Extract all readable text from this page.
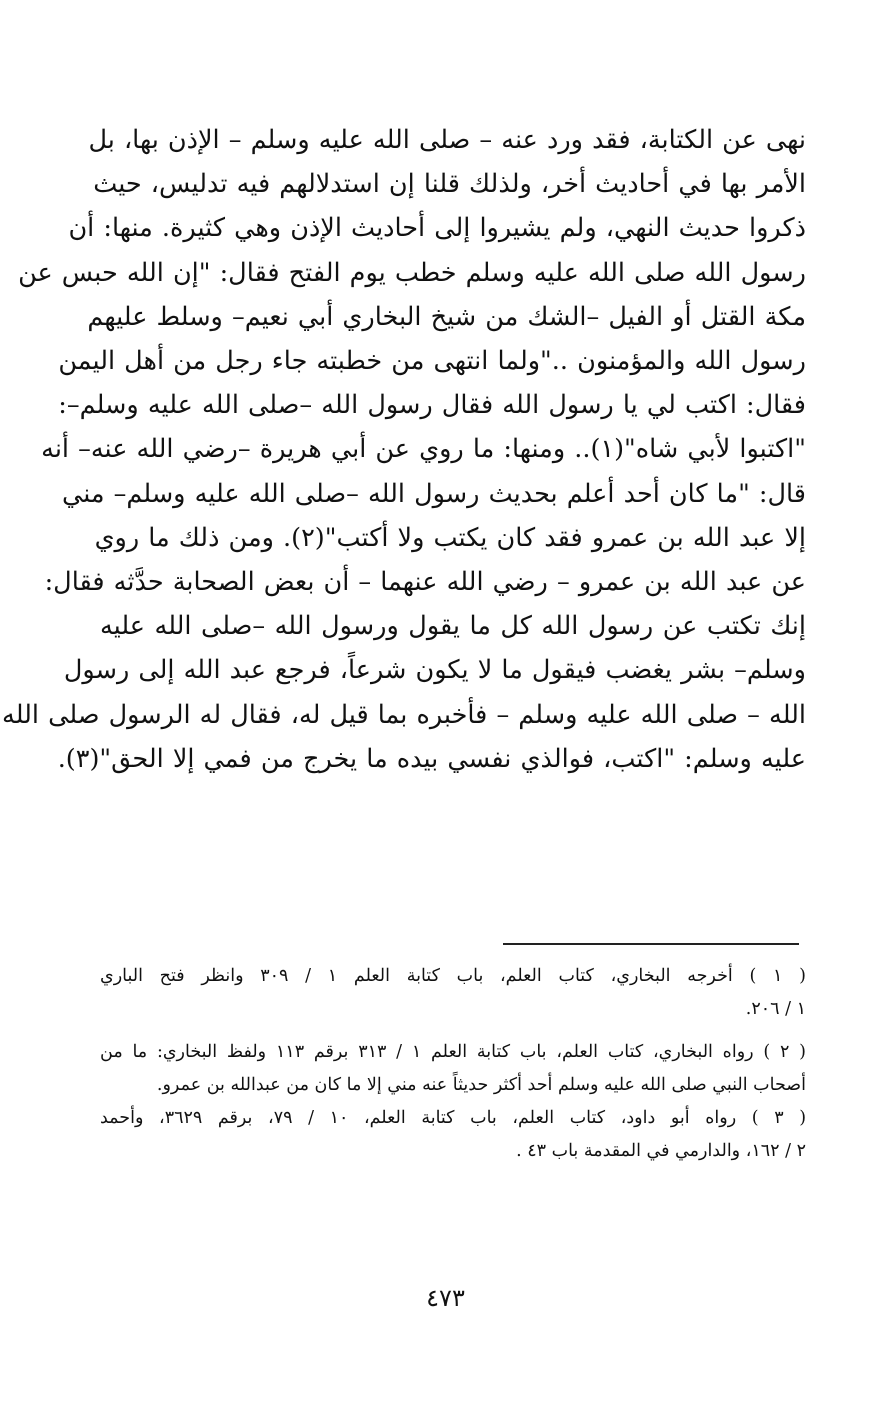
نهى عن الكتابة، فقد ورد عنه – صلى الله عليه وسلم – الإذن بها، بل
الأمر بها في أحاديث أخر، ولذلك قلنا إن استدلالهم فيه تدليس، حيث
ذكروا حديث النهي، ولم يشيروا إلى أحاديث الإذن وهي كثيرة. منها: أن
رسول الله صلى الله عليه وسلم خطب يوم الفتح فقال: "إن الله حبس عن
مكة القتل أو الفيل –الشك من شيخ البخاري أبي نعيم– وسلط عليهم
رسول الله والمؤمنون .."ولما انتهى من خطبته جاء رجل من أهل اليمن
فقال: اكتب لي يا رسول الله فقال رسول الله –صلى الله عليه وسلم–:
"اكتبوا لأبي شاه"(١).. ومنها: ما روي عن أبي هريرة –رضي الله عنه– أنه
قال: "ما كان أحد أعلم بحديث رسول الله –صلى الله عليه وسلم– مني
إلا عبد الله بن عمرو فقد كان يكتب ولا أكتب"(٢). ومن ذلك ما روي
عن عبد الله بن عمرو – رضي الله عنهما – أن بعض الصحابة حدَّثه فقال:
إنك تكتب عن رسول الله كل ما يقول ورسول الله –صلى الله عليه
وسلم– بشر يغضب فيقول ما لا يكون شرعاً، فرجع عبد الله إلى رسول
الله – صلى الله عليه وسلم – فأخبره بما قيل له، فقال له الرسول صلى الله
عليه وسلم: "اكتب، فوالذي نفسي بيده ما يخرج من فمي إلا الحق"(٣).
( ١ ) أخرجه البخاري، كتاب العلم، باب كتابة العلم ١ / ٣٠٩ وانظر فتح الباري
١ / ٢٠٦.
( ٢ ) رواه البخاري، كتاب العلم، باب كتابة العلم ١ / ٣١٣ برقم ١١٣ ولفظ البخاري: ما من
أصحاب النبي صلى الله عليه وسلم أحد أكثر حديثاً عنه مني إلا ما كان من عبدالله بن عمرو.
( ٣ ) رواه أبو داود، كتاب العلم، باب كتابة العلم، ١٠ / ٧٩، برقم ٣٦٢٩، وأحمد
٢ / ١٦٢، والدارمي في المقدمة باب ٤٣ .
٤٧٣
